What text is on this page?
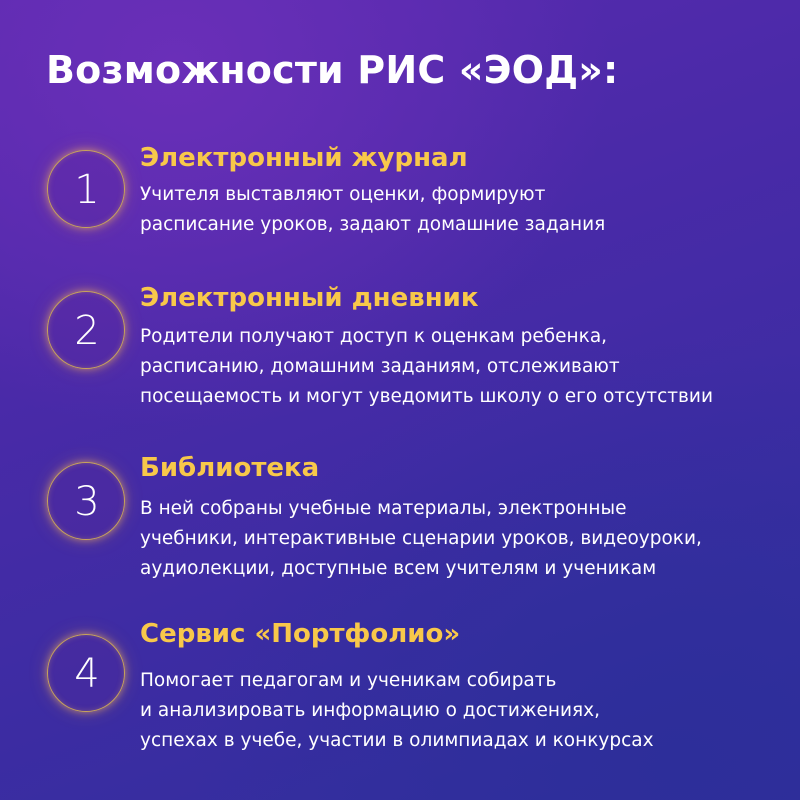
Возможности РИС «ЭОД»:
1
Электронный журнал
Учителя выставляют оценки, формируют
расписание уроков, задают домашние задания
2
Электронный дневник
Родители получают доступ к оценкам ребенка,
расписанию, домашним заданиям, отслеживают
посещаемость и могут уведомить школу о его отсутствии
3
Библиотека
В ней собраны учебные материалы, электронные
учебники, интерактивные сценарии уроков, видеоуроки,
аудиолекции, доступные всем учителям и ученикам
4
Сервис «Портфолио»
Помогает педагогам и ученикам собирать
и анализировать информацию о достижениях,
успехах в учебе, участии в олимпиадах и конкурсах
